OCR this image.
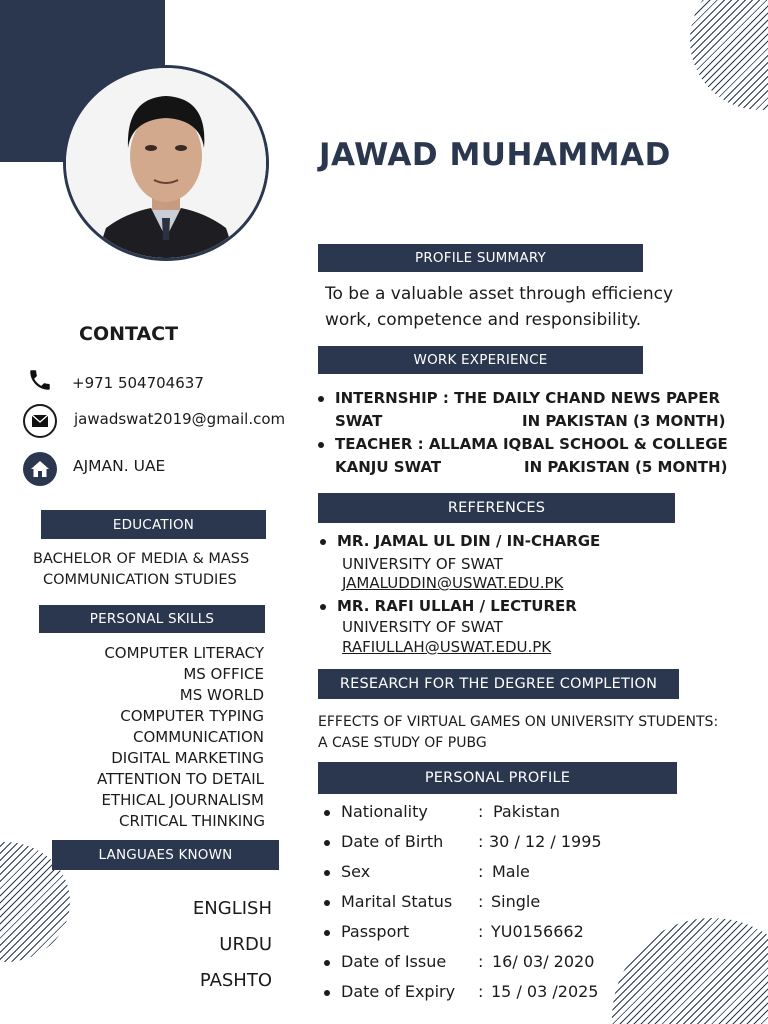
JAWAD MUHAMMAD
CONTACT
+971 504704637
jawadswat2019@gmail.com
AJMAN. UAE
EDUCATION
BACHELOR OF MEDIA & MASS
COMMUNICATION STUDIES
PERSONAL SKILLS
COMPUTER LITERACY
MS OFFICE
MS WORLD
COMPUTER TYPING
COMMUNICATION
DIGITAL MARKETING
ATTENTION TO DETAIL
ETHICAL JOURNALISM
CRITICAL THINKING
LANGUAES KNOWN
ENGLISH
URDU
PASHTO
PROFILE SUMMARY
To be a valuable asset through efficiency
work, competence and responsibility.
WORK EXPERIENCE
INTERNSHIP : THE DAILY CHAND NEWS PAPER
SWAT	IN PAKISTAN (3 MONTH)
TEACHER : ALLAMA IQBAL SCHOOL & COLLEGE
KANJU SWAT	IN PAKISTAN (5 MONTH)
REFERENCES
MR. JAMAL UL DIN / IN-CHARGE
UNIVERSITY OF SWAT
JAMALUDDIN@USWAT.EDU.PK
MR. RAFI ULLAH / LECTURER
UNIVERSITY OF SWAT
RAFIULLAH@USWAT.EDU.PK
RESEARCH FOR THE DEGREE COMPLETION
EFFECTS OF VIRTUAL GAMES ON UNIVERSITY STUDENTS:
A CASE STUDY OF PUBG
PERSONAL PROFILE
Nationality	: Pakistan
Date of Birth : 30 / 12 / 1995
Sex	: Male
Marital Status : Single
Passport	: YU0156662
Date of Issue : 16/ 03/ 2020
Date of Expiry : 15 / 03 /2025
